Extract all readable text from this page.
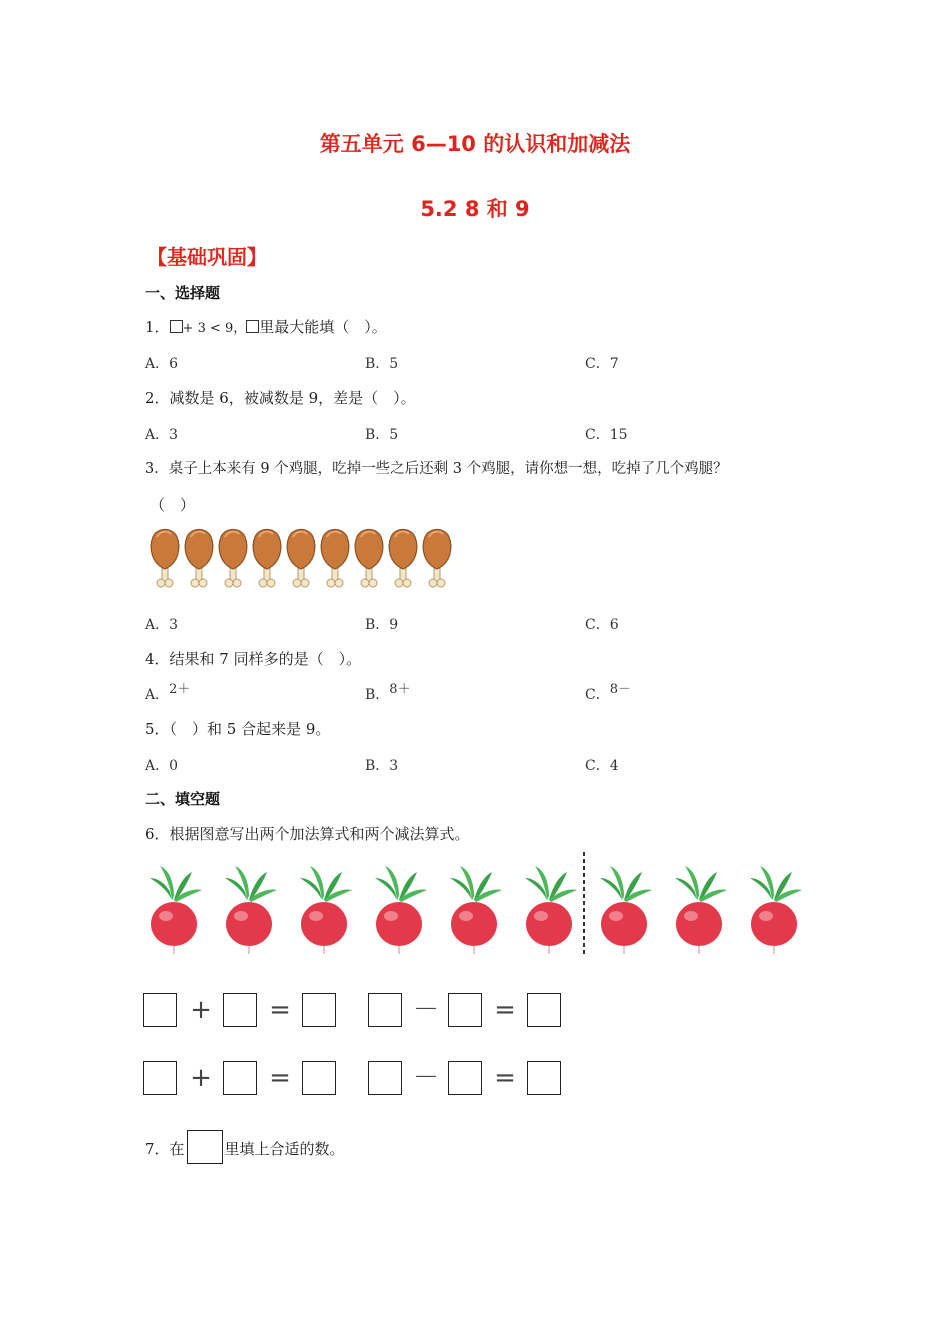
第五单元 6—10 的认识和加减法
5.2 8 和 9
【基础巩固】
一、选择题
1． + 3 < 9， 里最大能填（　）。
A．6	B．5	C．7
2．减数是 6，被减数是 9，差是（　）。
A．3	B．5	C．15
3．桌子上本来有 9 个鸡腿，吃掉一些之后还剩 3 个鸡腿，请你想一想，吃掉了几个鸡腿？
（　）
A．3	B．9	C．6
4．结果和 7 同样多的是（　）。
A．2＋	B．8＋	C．8－
5．（　）和 5 合起来是 9。
A．0	B．3	C．4
二、填空题
6．根据图意写出两个加法算式和两个减法算式。
+ =	－ =
+ =	－ =
7．在	里填上合适的数。
